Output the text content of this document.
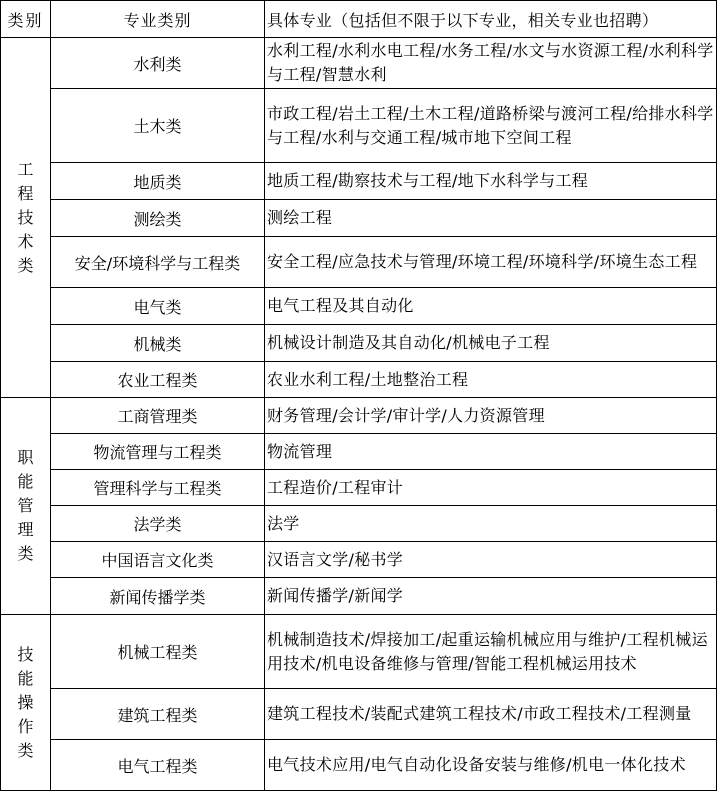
类别	专业类别	具体专业（包括但不限于以下专业，相关专业也招聘）

工程技术类	水利类	水利工程/水利水电工程/水务工程/水文与水资源工程/水利科学与工程/智慧水利
	土木类	市政工程/岩土工程/土木工程/道路桥梁与渡河工程/给排水科学与工程/水利与交通工程/城市地下空间工程
	地质类	地质工程/勘察技术与工程/地下水科学与工程
	测绘类	测绘工程
	安全/环境科学与工程类	安全工程/应急技术与管理/环境工程/环境科学/环境生态工程
	电气类	电气工程及其自动化
	机械类	机械设计制造及其自动化/机械电子工程
	农业工程类	农业水利工程/土地整治工程

职能管理类	工商管理类	财务管理/会计学/审计学/人力资源管理
	物流管理与工程类	物流管理
	管理科学与工程类	工程造价/工程审计
	法学类	法学
	中国语言文化类	汉语言文学/秘书学
	新闻传播学类	新闻传播学/新闻学

技能操作类	机械工程类	机械制造技术/焊接加工/起重运输机械应用与维护/工程机械运用技术/机电设备维修与管理/智能工程机械运用技术
	建筑工程类	建筑工程技术/装配式建筑工程技术/市政工程技术/工程测量
	电气工程类	电气技术应用/电气自动化设备安装与维修/机电一体化技术
